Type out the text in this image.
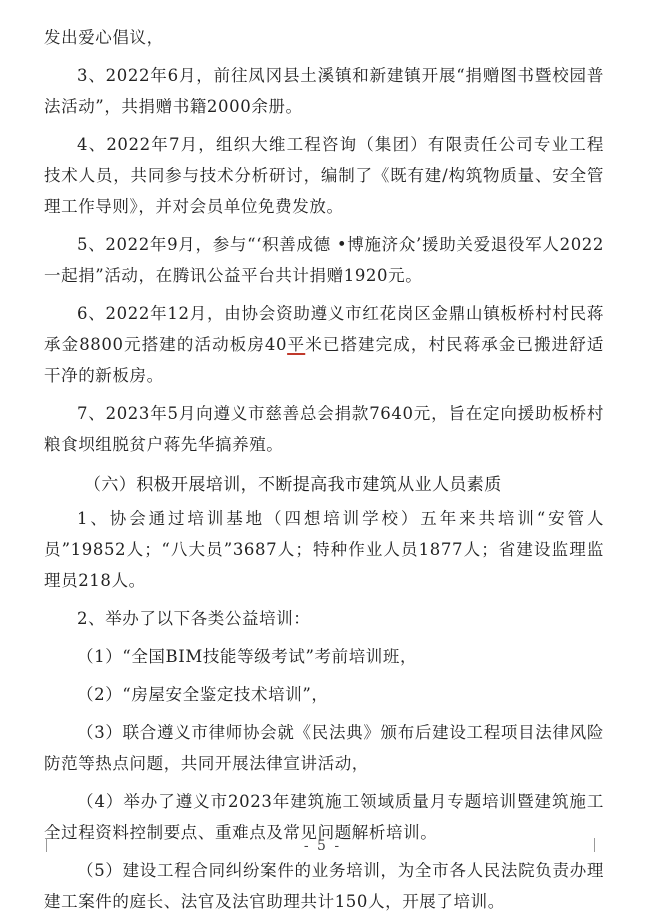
发出爱心倡议，

3、2022年6月，前往凤冈县土溪镇和新建镇开展“捐赠图书暨校园普法活动”，共捐赠书籍2000余册。

4、2022年7月，组织大维工程咨询（集团）有限责任公司专业工程技术人员，共同参与技术分析研讨，编制了《既有建/构筑物质量、安全管理工作导则》，并对会员单位免费发放。

5、2022年9月，参与“‘积善成德 •博施济众’援助关爱退役军人2022一起捐”活动，在腾讯公益平台共计捐赠1920元。

6、2022年12月，由协会资助遵义市红花岗区金鼎山镇板桥村村民蒋承金8800元搭建的活动板房40平米已搭建完成，村民蒋承金已搬进舒适干净的新板房。

7、2023年5月向遵义市慈善总会捐款7640元，旨在定向援助板桥村粮食坝组脱贫户蒋先华搞养殖。

（六）积极开展培训，不断提高我市建筑从业人员素质

1、协会通过培训基地（四想培训学校）五年来共培训“安管人员”19852人；“八大员”3687人；特种作业人员1877人；省建设监理监理员218人。

2、举办了以下各类公益培训：

（1）“全国BIM技能等级考试”考前培训班，

（2）“房屋安全鉴定技术培训”，

（3）联合遵义市律师协会就《民法典》颁布后建设工程项目法律风险防范等热点问题，共同开展法律宣讲活动，

（4）举办了遵义市2023年建筑施工领域质量月专题培训暨建筑施工全过程资料控制要点、重难点及常见问题解析培训。

（5）建设工程合同纠纷案件的业务培训，为全市各人民法院负责办理建工案件的庭长、法官及法官助理共计150人，开展了培训。

- 5 -
